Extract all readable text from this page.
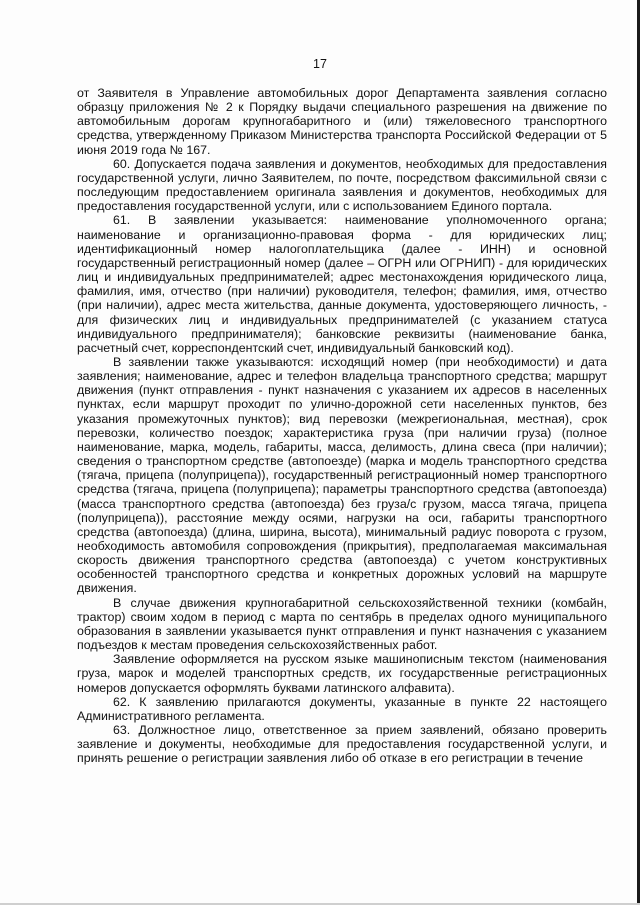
17

от Заявителя в Управление автомобильных дорог Департамента заявления согласно образцу приложения № 2 к Порядку выдачи специального разрешения на движение по автомобильным дорогам крупногабаритного и (или) тяжеловесного транспортного средства, утвержденному Приказом Министерства транспорта Российской Федерации от 5 июня 2019 года № 167.

60. Допускается подача заявления и документов, необходимых для предоставления государственной услуги, лично Заявителем, по почте, посредством факсимильной связи с последующим предоставлением оригинала заявления и документов, необходимых для предоставления государственной услуги, или с использованием Единого портала.

61. В заявлении указывается: наименование уполномоченного органа; наименование и организационно-правовая форма - для юридических лиц; идентификационный номер налогоплательщика (далее - ИНН) и основной государственный регистрационный номер (далее – ОГРН или ОГРНИП) - для юридических лиц и индивидуальных предпринимателей; адрес местонахождения юридического лица, фамилия, имя, отчество (при наличии) руководителя, телефон; фамилия, имя, отчество (при наличии), адрес места жительства, данные документа, удостоверяющего личность, - для физических лиц и индивидуальных предпринимателей (с указанием статуса индивидуального предпринимателя); банковские реквизиты (наименование банка, расчетный счет, корреспондентский счет, индивидуальный банковский код).

В заявлении также указываются: исходящий номер (при необходимости) и дата заявления; наименование, адрес и телефон владельца транспортного средства; маршрут движения (пункт отправления - пункт назначения с указанием их адресов в населенных пунктах, если маршрут проходит по улично-дорожной сети населенных пунктов, без указания промежуточных пунктов); вид перевозки (межрегиональная, местная), срок перевозки, количество поездок; характеристика груза (при наличии груза) (полное наименование, марка, модель, габариты, масса, делимость, длина свеса (при наличии); сведения о транспортном средстве (автопоезде) (марка и модель транспортного средства (тягача, прицепа (полуприцепа)), государственный регистрационный номер транспортного средства (тягача, прицепа (полуприцепа); параметры транспортного средства (автопоезда) (масса транспортного средства (автопоезда) без груза/с грузом, масса тягача, прицепа (полуприцепа)), расстояние между осями, нагрузки на оси, габариты транспортного средства (автопоезда) (длина, ширина, высота), минимальный радиус поворота с грузом, необходимость автомобиля сопровождения (прикрытия), предполагаемая максимальная скорость движения транспортного средства (автопоезда) с учетом конструктивных особенностей транспортного средства и конкретных дорожных условий на маршруте движения.

В случае движения крупногабаритной сельскохозяйственной техники (комбайн, трактор) своим ходом в период с марта по сентябрь в пределах одного муниципального образования в заявлении указывается пункт отправления и пункт назначения с указанием подъездов к местам проведения сельскохозяйственных работ.

Заявление оформляется на русском языке машинописным текстом (наименования груза, марок и моделей транспортных средств, их государственные регистрационных номеров допускается оформлять буквами латинского алфавита).

62. К заявлению прилагаются документы, указанные в пункте 22 настоящего Административного регламента.

63. Должностное лицо, ответственное за прием заявлений, обязано проверить заявление и документы, необходимые для предоставления государственной услуги, и принять решение о регистрации заявления либо об отказе в его регистрации в течение
